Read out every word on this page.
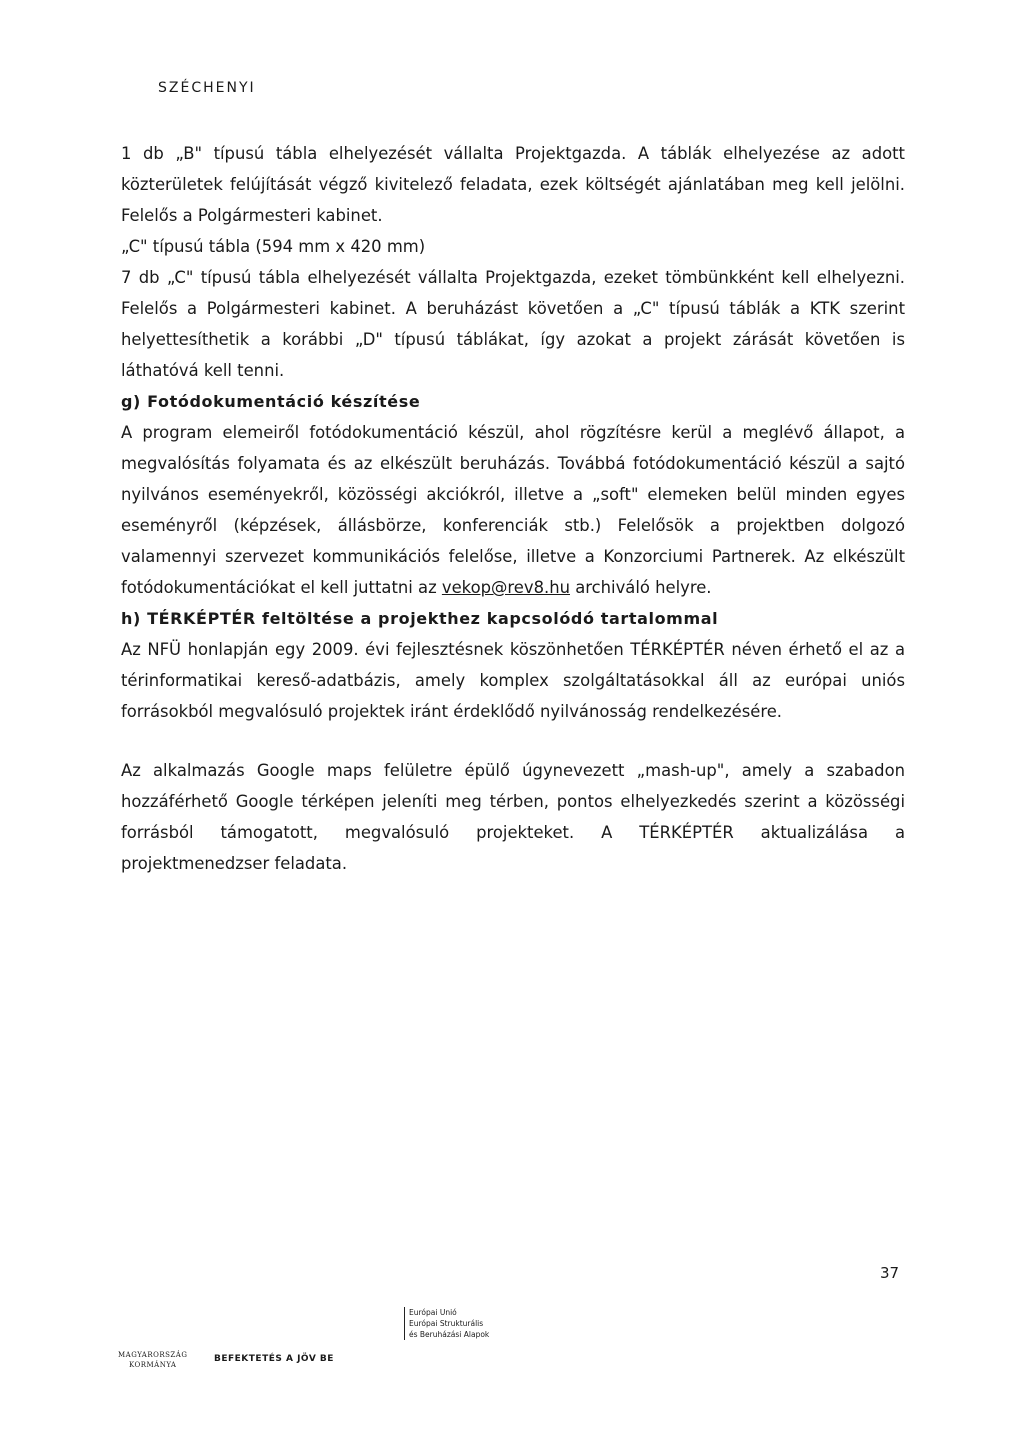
SZÉCHENYI

1 db „B" típusú tábla elhelyezését vállalta Projektgazda. A táblák elhelyezése az adott közterületek felújítását végző kivitelező feladata, ezek költségét ajánlatában meg kell jelölni. Felelős a Polgármesteri kabinet.

„C" típusú tábla (594 mm x 420 mm)

7 db „C" típusú tábla elhelyezését vállalta Projektgazda, ezeket tömbünkként kell elhelyezni. Felelős a Polgármesteri kabinet. A beruházást követően a „C" típusú táblák a KTK szerint helyettesíthetik a korábbi „D" típusú táblákat, így azokat a projekt zárását követően is láthatóvá kell tenni.

g) Fotódokumentáció készítése

A program elemeiről fotódokumentáció készül, ahol rögzítésre kerül a meglévő állapot, a megvalósítás folyamata és az elkészült beruházás. Továbbá fotódokumentáció készül a sajtó nyilvános eseményekről, közösségi akciókról, illetve a „soft" elemeken belül minden egyes eseményről (képzések, állásbörze, konferenciák stb.) Felelősök a projektben dolgozó valamennyi szervezet kommunikációs felelőse, illetve a Konzorciumi Partnerek. Az elkészült fotódokumentációkat el kell juttatni az vekop@rev8.hu archiváló helyre.

h) TÉRKÉPTÉR feltöltése a projekthez kapcsolódó tartalommal

Az NFÜ honlapján egy 2009. évi fejlesztésnek köszönhetően TÉRKÉPTÉR néven érhető el az a térinformatikai kereső-adatbázis, amely komplex szolgáltatásokkal áll az európai uniós forrásokból megvalósuló projektek iránt érdeklődő nyilvánosság rendelkezésére.

Az alkalmazás Google maps felületre épülő úgynevezett „mash-up", amely a szabadon hozzáférhető Google térképen jeleníti meg térben, pontos elhelyezkedés szerint a közösségi forrásból támogatott, megvalósuló projekteket. A TÉRKÉPTÉR aktualizálása a projektmenedzser feladata.

37
Európai Unió
Európai Strukturális
és Beruházási Alapok
MAGYARORSZÁG
KORMÁNYA
BEFEKTETÉS A JÖV BE
